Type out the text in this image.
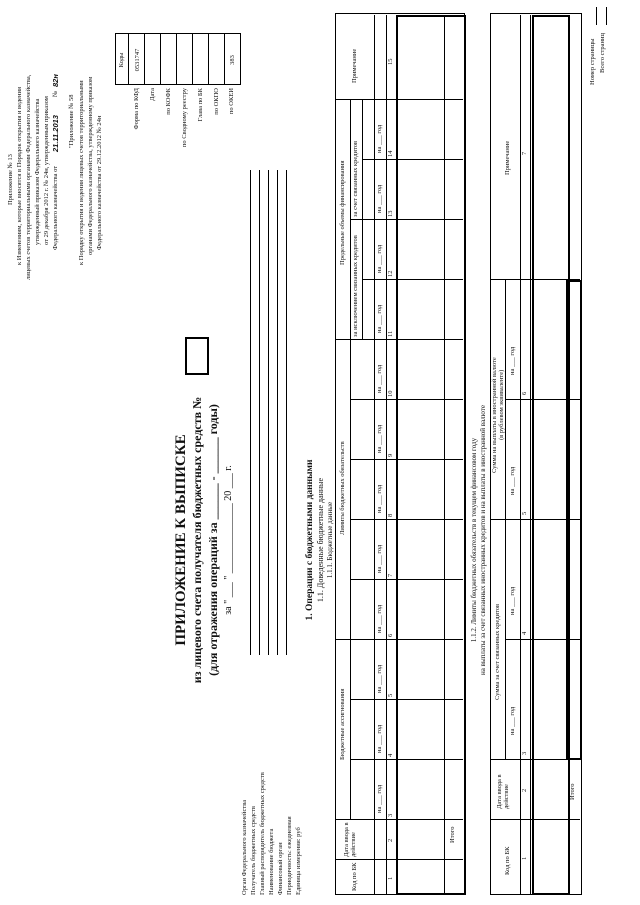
Приложение № 13 к Изменениям, которые вносятся в Порядок открытия и ведения лицевых счетов территориальными органами Федерального казначейства, утвержденный приказом Федерального казначейства от 29 декабря 2012 г. № 24н, утвержденным приказом Федерального казначейства от
21.11.2013
№
82н
"Приложение № 58 к Порядку открытия и ведения лицевых счетов территориальными органами Федерального казначейства, утвержденному приказом Федерального казначейства от 29.12.2012 № 24н
Коды
Форма по КФД
0531747
Дата по КОФК по Сводному реестру Глава по БК по ОКПО по ОКЕИ
383
ПРИЛОЖЕНИЕ К ВЫПИСКЕ из лицевого счета получателя бюджетных средств № (для отражения операций за ______ - ______ годы)
за " ___ " ______________ 20 ___ г.
Орган Федерального казначейства Получатель бюджетных средств Главный распорядитель бюджетных средств Наименование бюджета Финансовый орган Периодичность: ежедневная Единица измерения: руб
1. Операции с бюджетными данными 1.1. Доведенные бюджетные данные 1.1.1. Бюджетные данные
Код по БК
Дата ввода в действие
Бюджетные ассигнования
Лимиты бюджетных обязательств
Предельные объемы финансирования
за исключением связанных кредитов
за счет связанных кредитов
Примечание
на ___ год
на ___ год
на ___ год
на ___ год
на ___ год
на ___ год
на ___ год
на ___ год
на ___ год
на ___ год
на ___ год
на ___ год
1
2
3
4
5
6
7
8
9
10
11
12
13
14
15
Итого
1.1.2. Лимиты бюджетных обязательств в текущем финансовом году на выплаты за счет связанных иностранных кредитов и на выплаты в иностранной валюте
Код по БК
Дата ввода в действие
Сумма за счет связанных кредитов
Сумма на выплаты в иностранной валюте (в рублевом эквиваленте)
Примечание
на ___ год
на ___ год
на ___ год
на ___ год
1
2
3
4
5
6
7
Итого
Номер страницы Всего страниц
